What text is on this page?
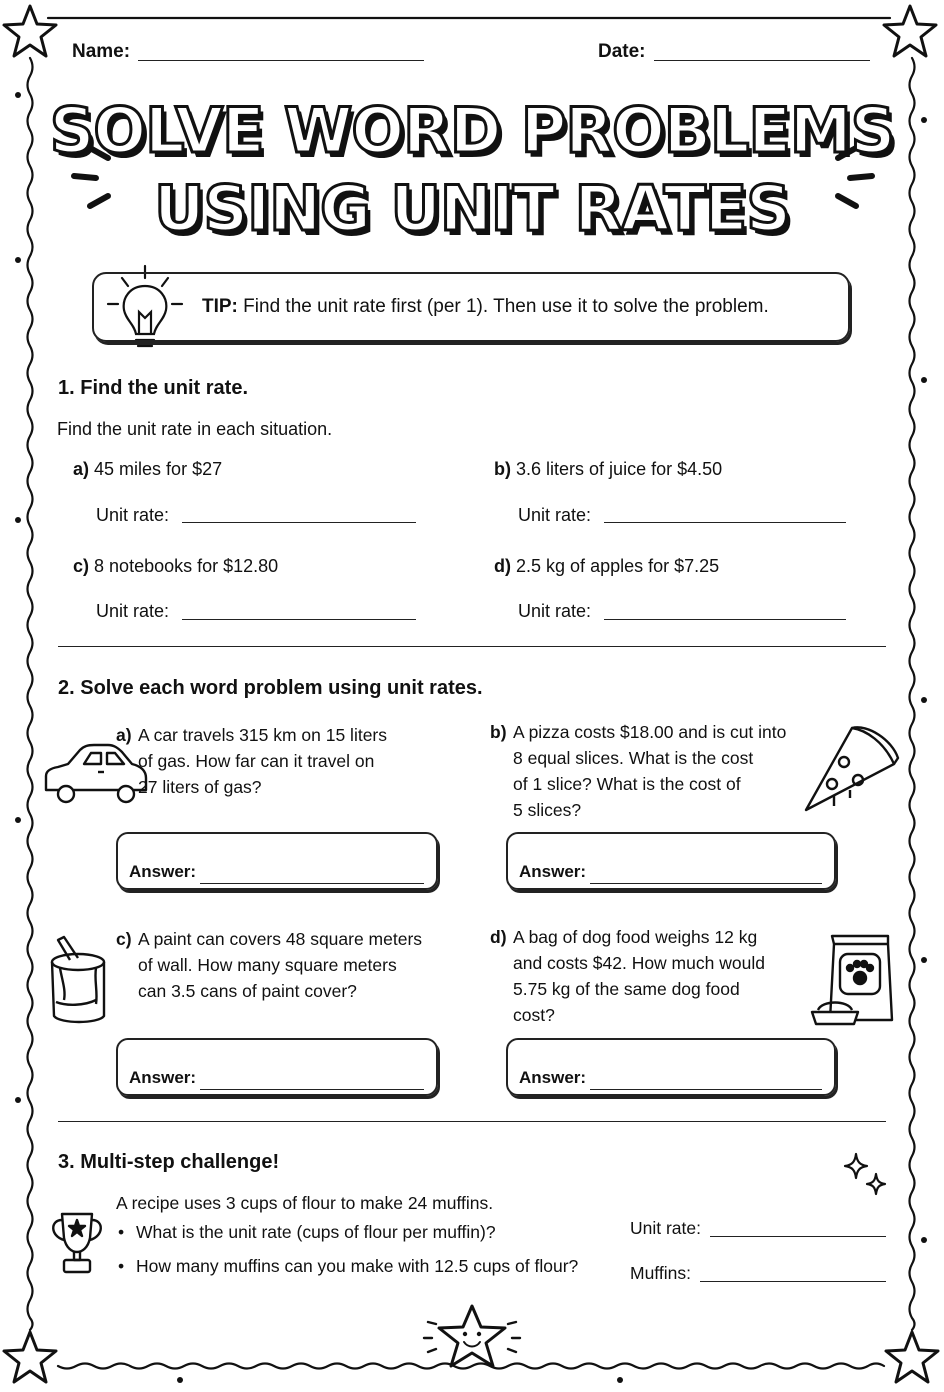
Name:	Date:
SOLVE WORD PROBLEMS
USING UNIT RATES
TIP: Find the unit rate first (per 1). Then use it to solve the problem.
1. Find the unit rate.
Find the unit rate in each situation.
a) 45 miles for $27
Unit rate:
b) 3.6 liters of juice for $4.50
Unit rate:
c) 8 notebooks for $12.80
Unit rate:
d) 2.5 kg of apples for $7.25
Unit rate:
2. Solve each word problem using unit rates.
a) A car travels 315 km on 15 liters
of gas. How far can it travel on
27 liters of gas?
Answer:
b) A pizza costs $18.00 and is cut into
8 equal slices. What is the cost
of 1 slice? What is the cost of
5 slices?
Answer:
c) A paint can covers 48 square meters
of wall. How many square meters
can 3.5 cans of paint cover?
Answer:
d) A bag of dog food weighs 12 kg
and costs $42. How much would
5.75 kg of the same dog food
cost?
Answer:
3. Multi-step challenge!
A recipe uses 3 cups of flour to make 24 muffins.
• What is the unit rate (cups of flour per muffin)?
• How many muffins can you make with 12.5 cups of flour?
Unit rate:
Muffins:
